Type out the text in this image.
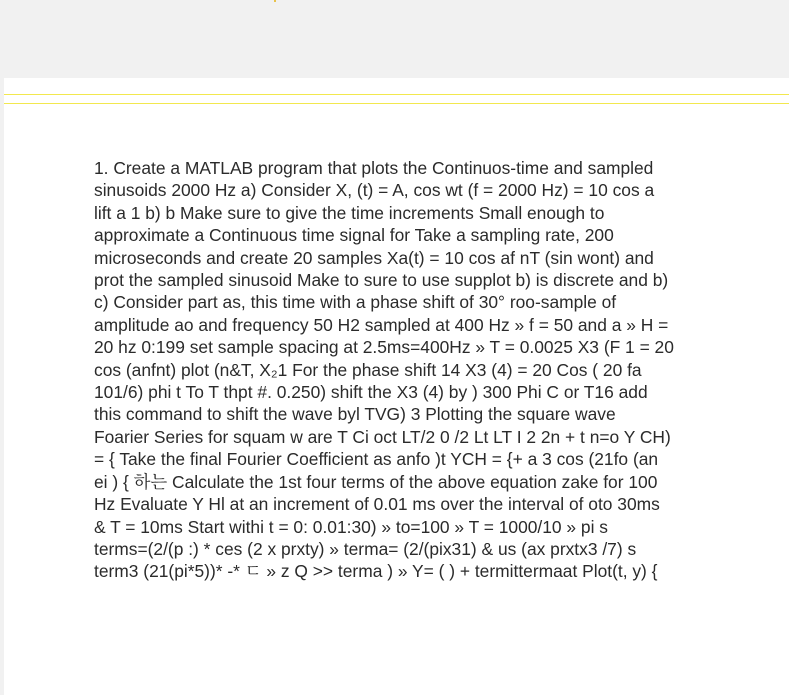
1. Create a MATLAB program that plots the Continuos-time and sampled
sinusoids 2000 Hz a) Consider X, (t) = A, cos wt (f = 2000 Hz) = 10 cos a
lift a 1 b) b Make sure to give the time increments Small enough to
approximate a Continuous time signal for Take a sampling rate, 200
microseconds and create 20 samples Xa(t) = 10 cos af nT (sin wont) and
prot the sampled sinusoid Make to sure to use supplot b) is discrete and b)
c) Consider part as, this time with a phase shift of 30° roo-sample of
amplitude ao and frequency 50 H2 sampled at 400 Hz » f = 50 and a » H =
20 hz 0:199 set sample spacing at 2.5ms=400Hz » T = 0.0025 X3 (F 1 = 20
cos (anfnt) plot (n&T, X₂1 For the phase shift 14 X3 (4) = 20 Cos ( 20 fa
101/6) phi t To T thpt #. 0.250) shift the X3 (4) by ) 300 Phi C or T16 add
this command to shift the wave byl TVG) 3 Plotting the square wave
Foarier Series for squam w are T Ci oct LT/2 0 /2 Lt LT I 2 2n + t n=o Y CH)
= { Take the final Fourier Coefficient as anfo )t YCH = {+ a 3 cos (21fo (an
ei ) { 하는 Calculate the 1st four terms of the above equation zake for 100
Hz Evaluate Y Hl at an increment of 0.01 ms over the interval of oto 30ms
& T = 10ms Start withi t = 0: 0.01:30) » to=100 » T = 1000/10 » pi s
terms=(2/(p :) * ces (2 x prxty) » terma= (2/(pix31) & us (ax prxtx3 /7) s
term3 (21(pi*5))* -* ㄷ » z Q >> terma ) » Y= ( ) + termittermaat Plot(t, y) {
